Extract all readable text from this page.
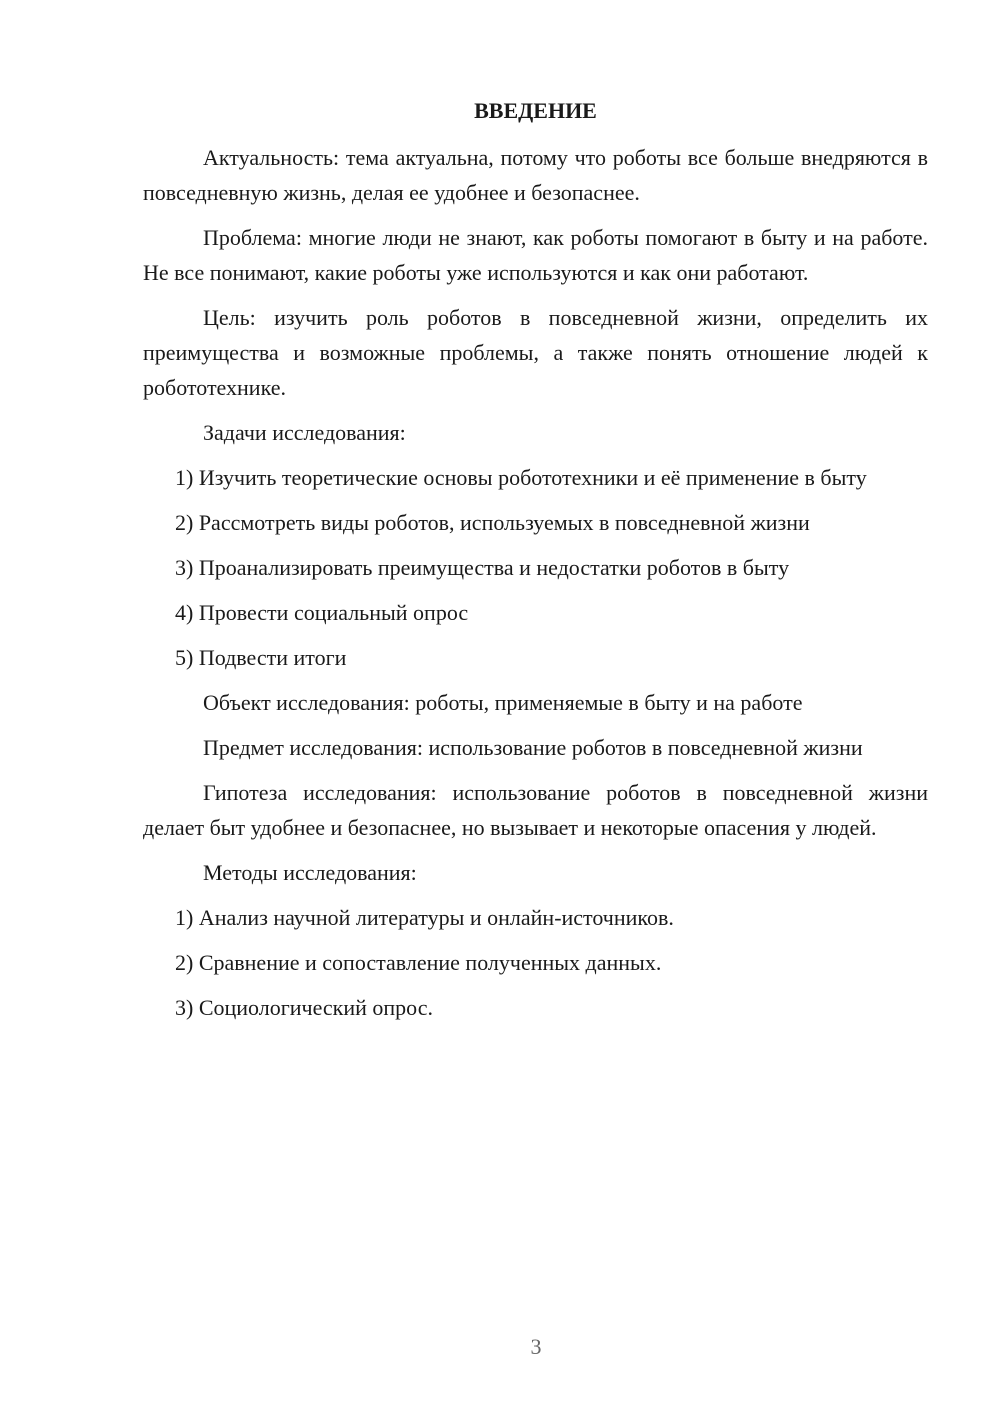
ВВЕДЕНИЕ

Актуальность: тема актуальна, потому что роботы все больше внедряются в повседневную жизнь, делая ее удобнее и безопаснее.

Проблема: многие люди не знают, как роботы помогают в быту и на работе. Не все понимают, какие роботы уже используются и как они работают.

Цель: изучить роль роботов в повседневной жизни, определить их преимущества и возможные проблемы, а также понять отношение людей к робототехнике.

Задачи исследования:

1) Изучить теоретические основы робототехники и её применение в быту

2) Рассмотреть виды роботов, используемых в повседневной жизни

3) Проанализировать преимущества и недостатки роботов в быту

4) Провести социальный опрос

5) Подвести итоги

Объект исследования: роботы, применяемые в быту и на работе

Предмет исследования: использование роботов в повседневной жизни

Гипотеза исследования: использование роботов в повседневной жизни делает быт удобнее и безопаснее, но вызывает и некоторые опасения у людей.

Методы исследования:

1) Анализ научной литературы и онлайн-источников.

2) Сравнение и сопоставление полученных данных.

3) Социологический опрос.

3
